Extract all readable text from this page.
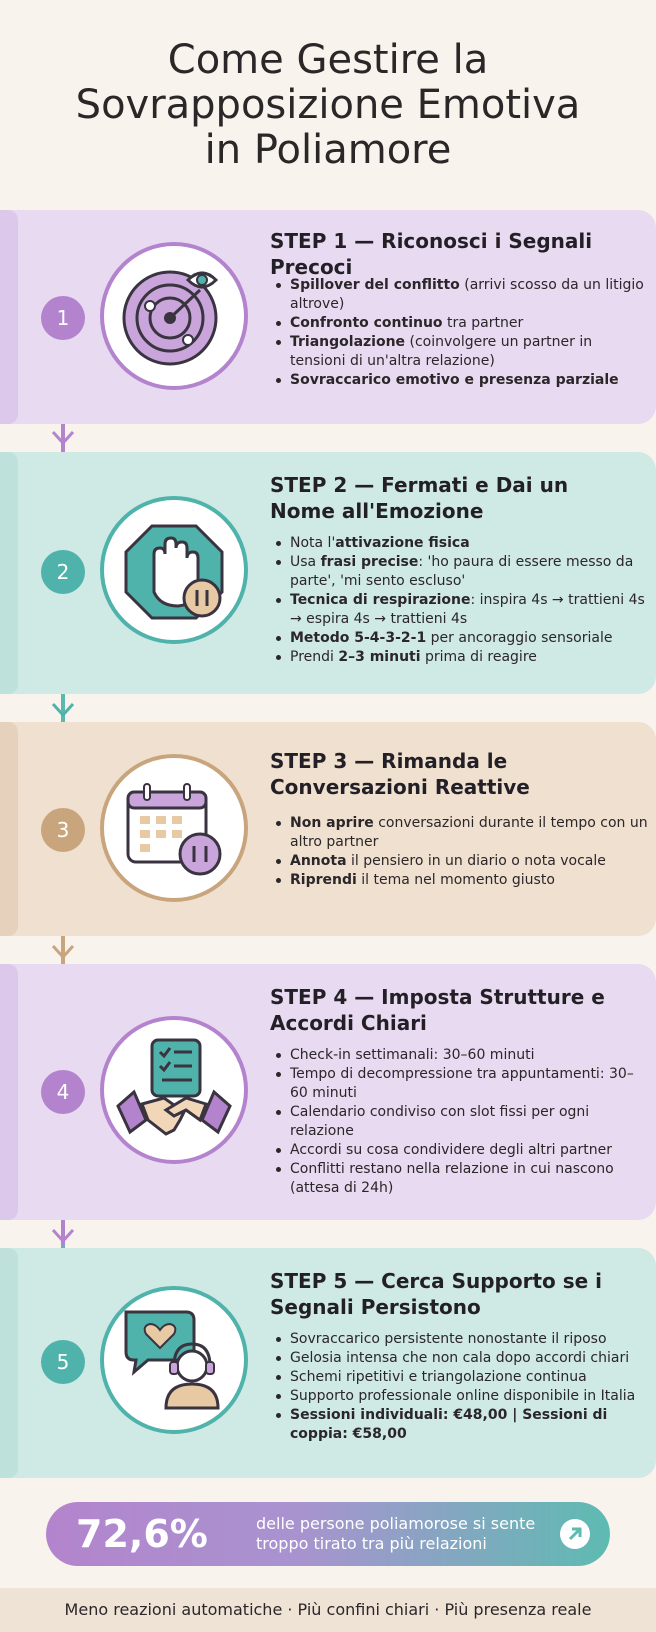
Come Gestire la
Sovrapposizione Emotiva
in Poliamore
1
STEP 1 — Riconosci i Segnali Precoci
Spillover del conflitto (arrivi scosso da un litigio altrove)
Confronto continuo tra partner
Triangolazione (coinvolgere un partner in tensioni di un'altra relazione)
Sovraccarico emotivo e presenza parziale
2
STEP 2 — Fermati e Dai un Nome all'Emozione
Nota l'attivazione fisica
Usa frasi precise: 'ho paura di essere messo da parte', 'mi sento escluso'
Tecnica di respirazione: inspira 4s → trattieni 4s → espira 4s → trattieni 4s
Metodo 5-4-3-2-1 per ancoraggio sensoriale
Prendi 2–3 minuti prima di reagire
3
STEP 3 — Rimanda le Conversazioni Reattive
Non aprire conversazioni durante il tempo con un altro partner
Annota il pensiero in un diario o nota vocale
Riprendi il tema nel momento giusto
4
STEP 4 — Imposta Strutture e Accordi Chiari
Check-in settimanali: 30–60 minuti
Tempo di decompressione tra appuntamenti: 30–60 minuti
Calendario condiviso con slot fissi per ogni relazione
Accordi su cosa condividere degli altri partner
Conflitti restano nella relazione in cui nascono (attesa di 24h)
5
STEP 5 — Cerca Supporto se i Segnali Persistono
Sovraccarico persistente nonostante il riposo
Gelosia intensa che non cala dopo accordi chiari
Schemi ripetitivi e triangolazione continua
Supporto professionale online disponibile in Italia
Sessioni individuali: €48,00 | Sessioni di coppia: €58,00
72,6%	delle persone poliamorose si sente troppo tirato tra più relazioni
Meno reazioni automatiche · Più confini chiari · Più presenza reale
